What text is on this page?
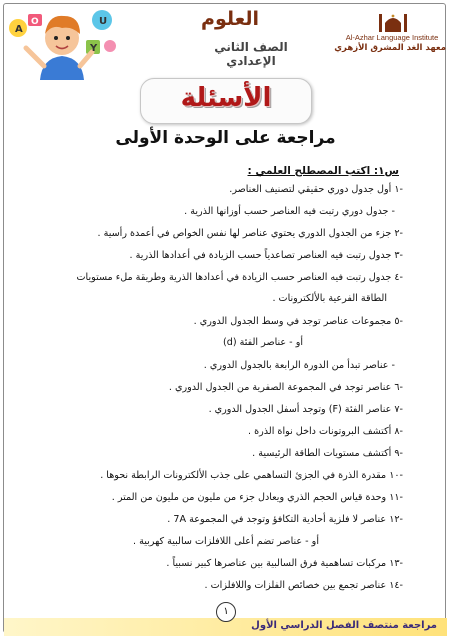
A
U
Y
O	العلوم
الصف الثاني الإعدادي
Al-Azhar Language Institute
معهد الغد المشرق الأزهري
الأسئلة
مراجعة على الوحدة الأولى
س١: اكتب المصطلح العلمي :
-١ أول جدول دوري حقيقي لتصنيف العناصر.
- جدول دوري رتبت فيه العناصر حسب أوزانها الذرية .
-٢ جزء من الجدول الدوري يحتوي عناصر لها نفس الخواص في أعمدة رأسية .
-٣ جدول رتبت فيه العناصر تصاعدياً حسب الزيادة في أعدادها الذرية .
-٤ جدول رتبت فيه العناصر حسب الزيادة في أعدادها الذرية وطريقة ملء مستويات
الطاقة الفرعية بالألكترونات .
-٥ مجموعات عناصر توجد في وسط الجدول الدوري .
أو - عناصر الفئة (d)
- عناصر تبدأ من الدورة الرابعة بالجدول الدوري .
-٦ عناصر توجد في المجموعة الصفرية من الجدول الدوري .
-٧ عناصر الفئة (F) وتوجد أسفل الجدول الدوري .
-٨ أكتشف البروتونات داخل نواة الذرة .
-٩ أكتشف مستويات الطاقة الرئيسية .
-١٠ مقدرة الذرة في الجزئ التساهمي على جذب الألكترونات الرابطة نحوها .
-١١ وحدة قياس الحجم الذري ويعادل جزء من مليون من مليون من المتر .
-١٢ عناصر لا فلزية أحادية التكافؤ وتوجد في المجموعة 7A .
أو - عناصر تضم أعلى اللافلزات سالبية كهربية .
-١٣ مركبات تساهمية فرق السالبية بين عناصرها كبير نسبياً .
-١٤ عناصر تجمع بين خصائص الفلزات واللافلزات .
مراجعة منتصف الفصل الدراسي الأول
١
